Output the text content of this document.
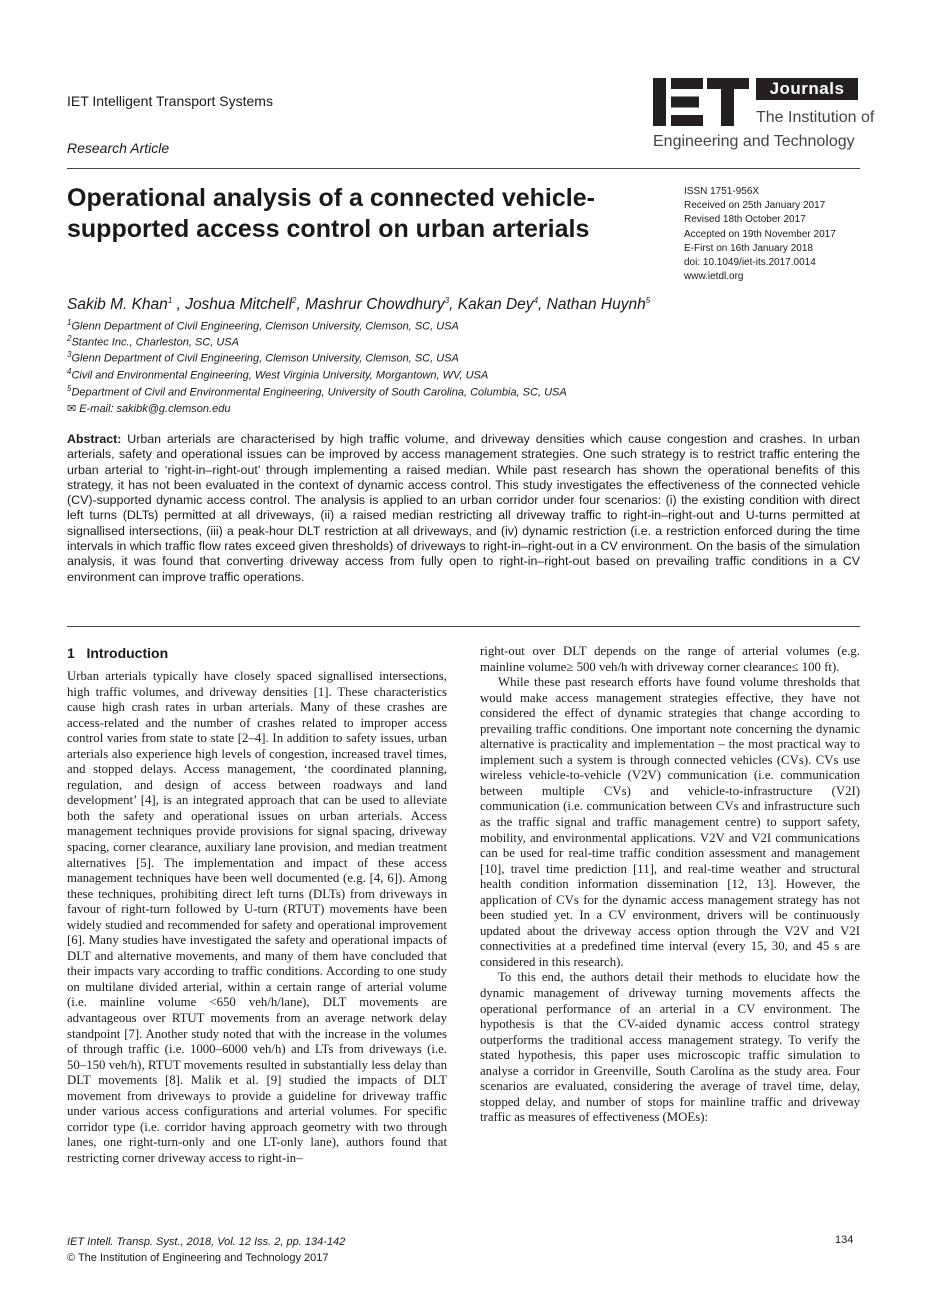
IET Intelligent Transport Systems
Research Article
Journals
The Institution of
Engineering and Technology
Operational analysis of a connected vehicle-supported access control on urban arterials
ISSN 1751-956X
Received on 25th January 2017
Revised 18th October 2017
Accepted on 19th November 2017
E-First on 16th January 2018
doi: 10.1049/iet-its.2017.0014
www.ietdl.org
Sakib M. Khan$^1$ , Joshua Mitchell$^2$, Mashrur Chowdhury$^3$, Kakan Dey$^4$, Nathan Huynh$^5$
$^1$Glenn Department of Civil Engineering, Clemson University, Clemson, SC, USA
$^2$Stantec Inc., Charleston, SC, USA
$^3$Glenn Department of Civil Engineering, Clemson University, Clemson, SC, USA
$^4$Civil and Environmental Engineering, West Virginia University, Morgantown, WV, USA
$^5$Department of Civil and Environmental Engineering, University of South Carolina, Columbia, SC, USA
✉ E-mail: sakibk@g.clemson.edu

Abstract: Urban arterials are characterised by high traffic volume, and driveway densities which cause congestion and crashes. In urban arterials, safety and operational issues can be improved by access management strategies. One such strategy is to restrict traffic entering the urban arterial to ‘right-in–right-out’ through implementing a raised median. While past research has shown the operational benefits of this strategy, it has not been evaluated in the context of dynamic access control. This study investigates the effectiveness of the connected vehicle (CV)-supported dynamic access control. The analysis is applied to an urban corridor under four scenarios: (i) the existing condition with direct left turns (DLTs) permitted at all driveways, (ii) a raised median restricting all driveway traffic to right-in–right-out and U-turns permitted at signallised intersections, (iii) a peak-hour DLT restriction at all driveways, and (iv) dynamic restriction (i.e. a restriction enforced during the time intervals in which traffic flow rates exceed given thresholds) of driveways to right-in–right-out in a CV environment. On the basis of the simulation analysis, it was found that converting driveway access from fully open to right-in–right-out based on prevailing traffic conditions in a CV environment can improve traffic operations.

1 Introduction

Urban arterials typically have closely spaced signallised intersections, high traffic volumes, and driveway densities [1]. These characteristics cause high crash rates in urban arterials. Many of these crashes are access-related and the number of crashes related to improper access control varies from state to state [2–4]. In addition to safety issues, urban arterials also experience high levels of congestion, increased travel times, and stopped delays. Access management, ‘the coordinated planning, regulation, and design of access between roadways and land development’ [4], is an integrated approach that can be used to alleviate both the safety and operational issues on urban arterials. Access management techniques provide provisions for signal spacing, driveway spacing, corner clearance, auxiliary lane provision, and median treatment alternatives [5]. The implementation and impact of these access management techniques have been well documented (e.g. [4, 6]). Among these techniques, prohibiting direct left turns (DLTs) from driveways in favour of right-turn followed by U-turn (RTUT) movements have been widely studied and recommended for safety and operational improvement [6]. Many studies have investigated the safety and operational impacts of DLT and alternative movements, and many of them have concluded that their impacts vary according to traffic conditions. According to one study on multilane divided arterial, within a certain range of arterial volume (i.e. mainline volume <650 veh/h/lane), DLT movements are advantageous over RTUT movements from an average network delay standpoint [7]. Another study noted that with the increase in the volumes of through traffic (i.e. 1000–6000 veh/h) and LTs from driveways (i.e. 50–150 veh/h), RTUT movements resulted in substantially less delay than DLT movements [8]. Malik et al. [9] studied the impacts of DLT movement from driveways to provide a guideline for driveway traffic under various access configurations and arterial volumes. For specific corridor type (i.e. corridor having approach geometry with two through lanes, one right-turn-only and one LT-only lane), authors found that restricting corner driveway access to right-in–

right-out over DLT depends on the range of arterial volumes (e.g. mainline volume≥ 500 veh/h with driveway corner clearance≤ 100 ft).

While these past research efforts have found volume thresholds that would make access management strategies effective, they have not considered the effect of dynamic strategies that change according to prevailing traffic conditions. One important note concerning the dynamic alternative is practicality and implementation – the most practical way to implement such a system is through connected vehicles (CVs). CVs use wireless vehicle-to-vehicle (V2V) communication (i.e. communication between multiple CVs) and vehicle-to-infrastructure (V2I) communication (i.e. communication between CVs and infrastructure such as the traffic signal and traffic management centre) to support safety, mobility, and environmental applications. V2V and V2I communications can be used for real-time traffic condition assessment and management [10], travel time prediction [11], and real-time weather and structural health condition information dissemination [12, 13]. However, the application of CVs for the dynamic access management strategy has not been studied yet. In a CV environment, drivers will be continuously updated about the driveway access option through the V2V and V2I connectivities at a predefined time interval (every 15, 30, and 45 s are considered in this research).

To this end, the authors detail their methods to elucidate how the dynamic management of driveway turning movements affects the operational performance of an arterial in a CV environment. The hypothesis is that the CV-aided dynamic access control strategy outperforms the traditional access management strategy. To verify the stated hypothesis, this paper uses microscopic traffic simulation to analyse a corridor in Greenville, South Carolina as the study area. Four scenarios are evaluated, considering the average of travel time, delay, stopped delay, and number of stops for mainline traffic and driveway traffic as measures of effectiveness (MOEs):

IET Intell. Transp. Syst., 2018, Vol. 12 Iss. 2, pp. 134-142
© The Institution of Engineering and Technology 2017
134
